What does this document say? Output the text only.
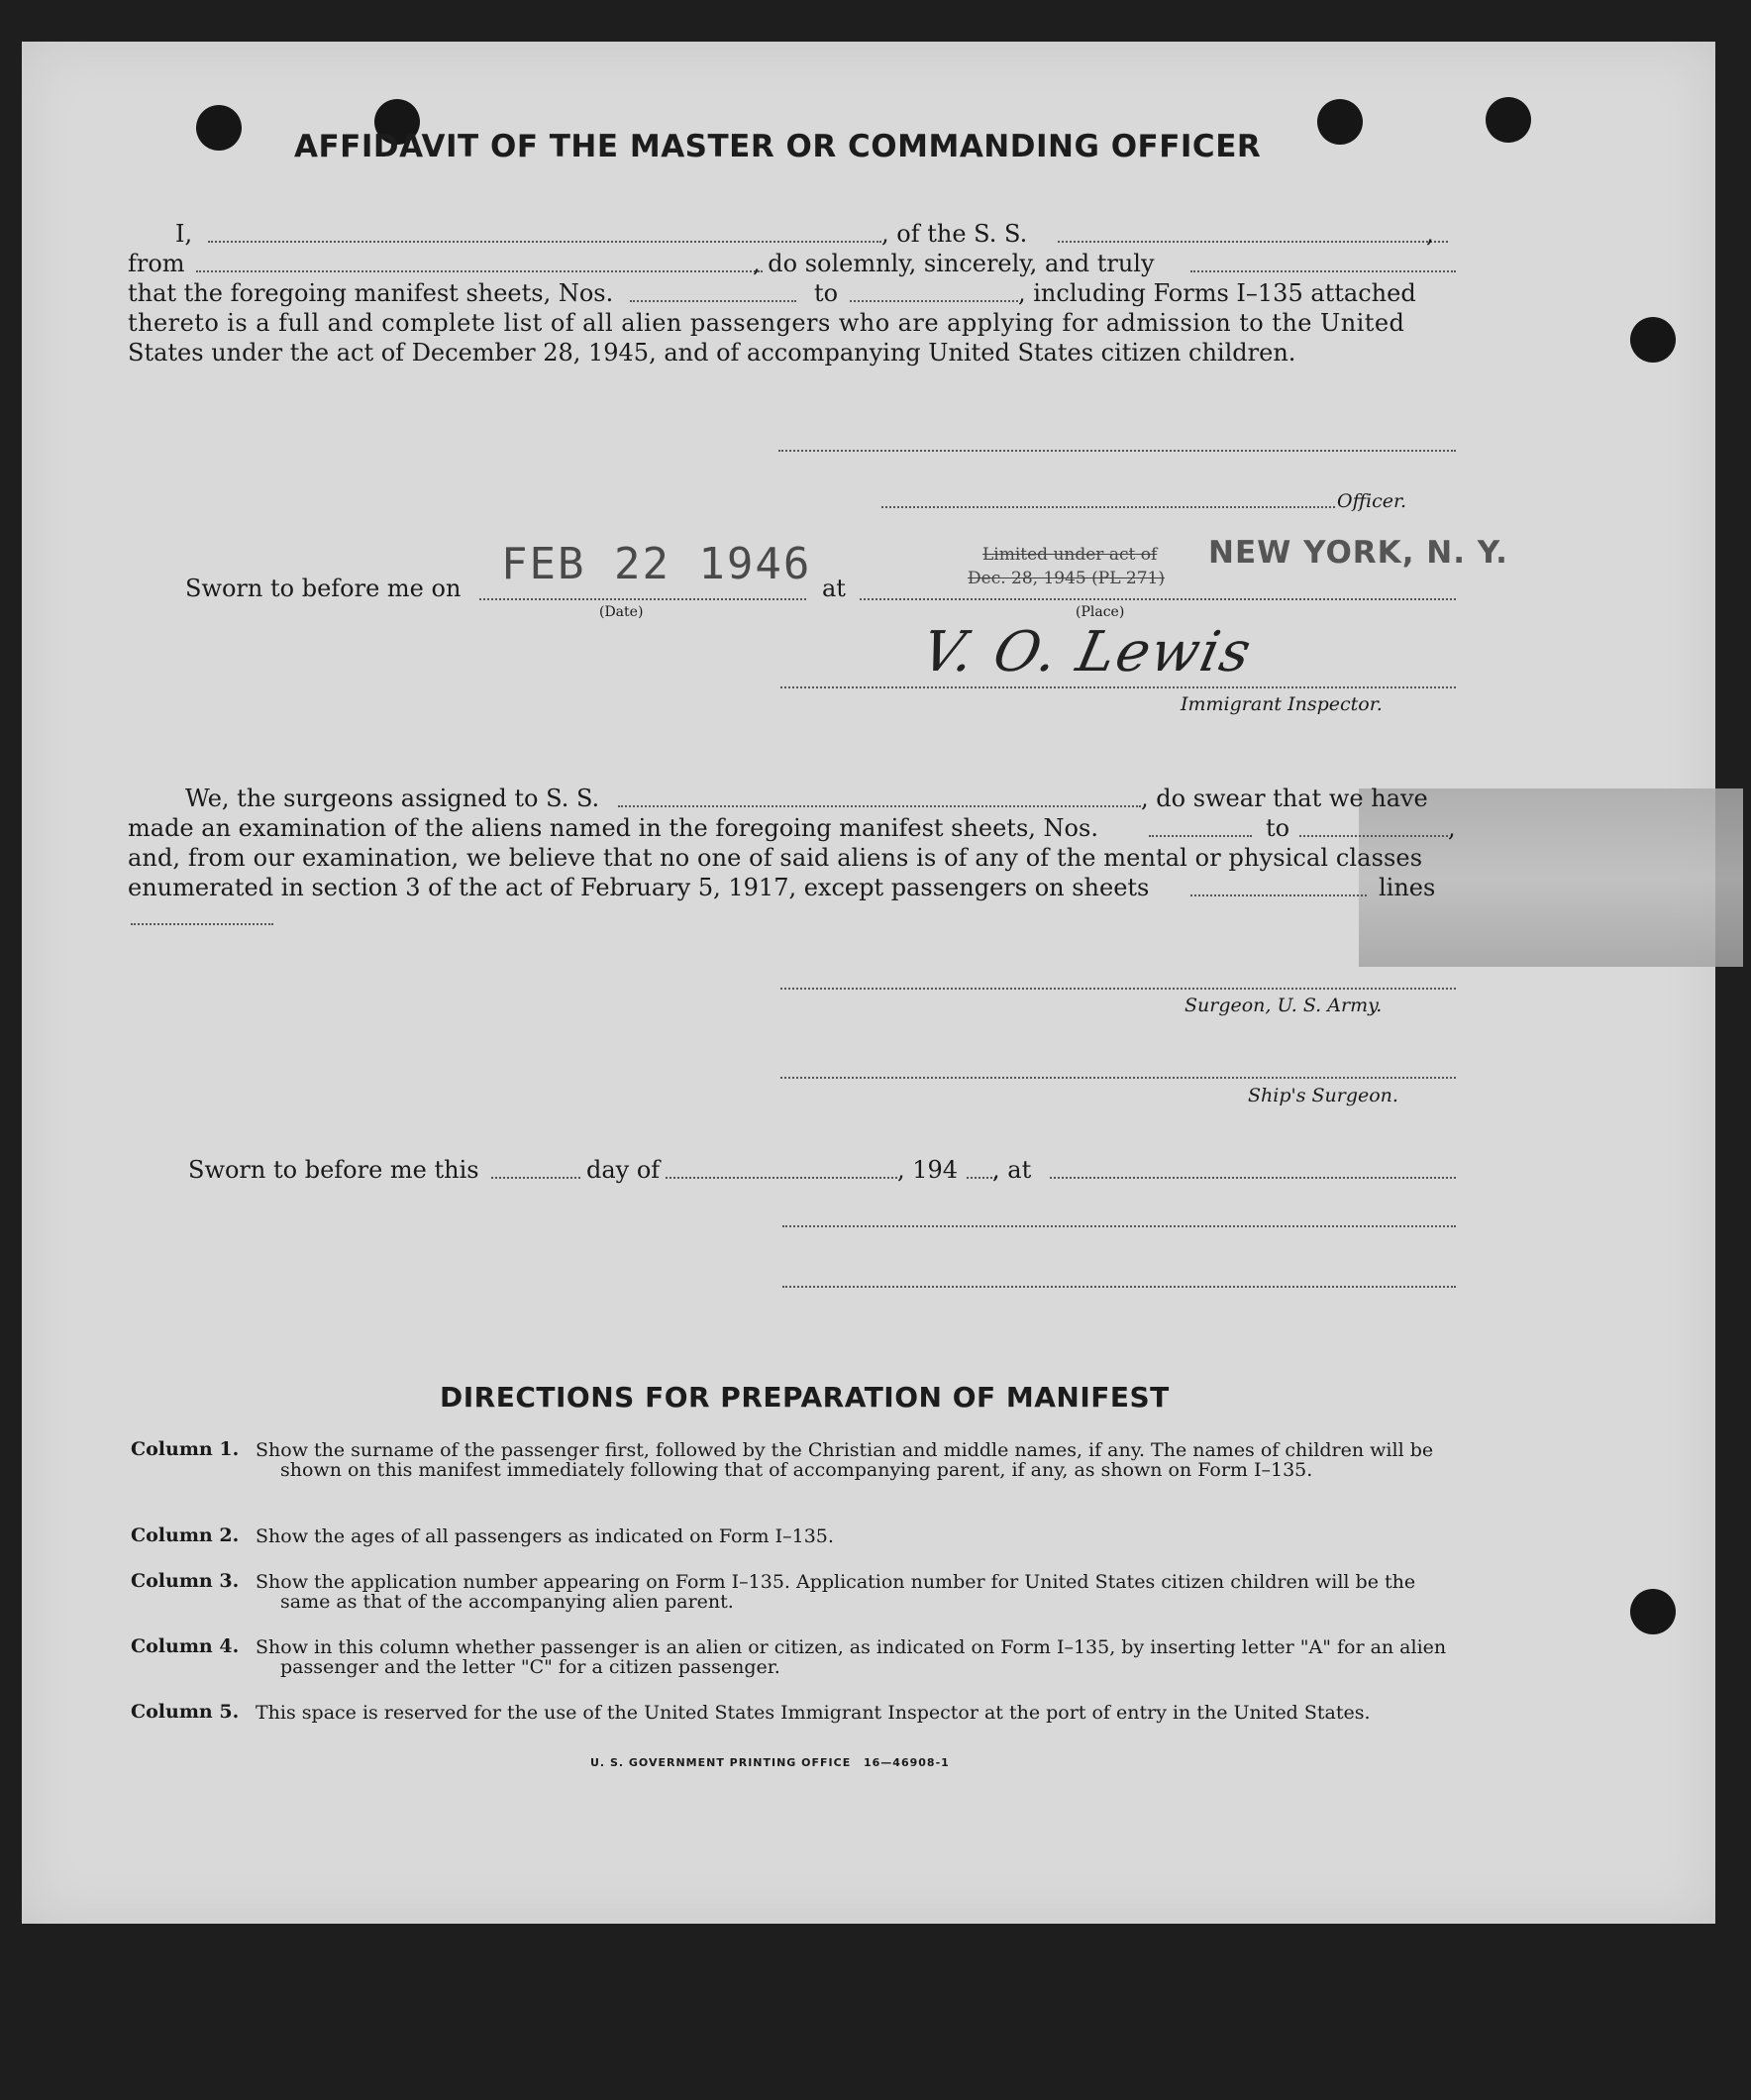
AFFIDAVIT OF THE MASTER OR COMMANDING OFFICER
I,	, of the S. S.	,
from	, do solemnly, sincerely, and truly
that the foregoing manifest sheets, Nos.	to	, including Forms I–135 attached
thereto is a full and complete list of all alien passengers who are applying for admission to the United
States under the act of December 28, 1945, and of accompanying United States citizen children.
Officer.
Sworn to before me on FEB 22 1946
(Date)
at
Limited under act of
Dec. 28, 1945 (PL 271)
NEW YORK, N. Y.
(Place)
V. O. Lewis
Immigrant Inspector.
We, the surgeons assigned to S. S.	, do swear that we have
made an examination of the aliens named in the foregoing manifest sheets, Nos.	to	,
and, from our examination, we believe that no one of said aliens is of any of the mental or physical classes
enumerated in section 3 of the act of February 5, 1917, except passengers on sheets	lines
Surgeon, U. S. Army.
Ship's Surgeon.
Sworn to before me this	day of	, 194 , at
DIRECTIONS FOR PREPARATION OF MANIFEST
Column 1. Show the surname of the passenger first, followed by the Christian and middle names, if any. The names of children will be shown on this manifest immediately following that of accompanying parent, if any, as shown on Form I–135.
Column 2. Show the ages of all passengers as indicated on Form I–135.
Column 3. Show the application number appearing on Form I–135. Application number for United States citizen children will be the same as that of the accompanying alien parent.
Column 4. Show in this column whether passenger is an alien or citizen, as indicated on Form I–135, by inserting letter "A" for an alien passenger and the letter "C" for a citizen passenger.
Column 5. This space is reserved for the use of the United States Immigrant Inspector at the port of entry in the United States.
U. S. GOVERNMENT PRINTING OFFICE 16—46908-1
